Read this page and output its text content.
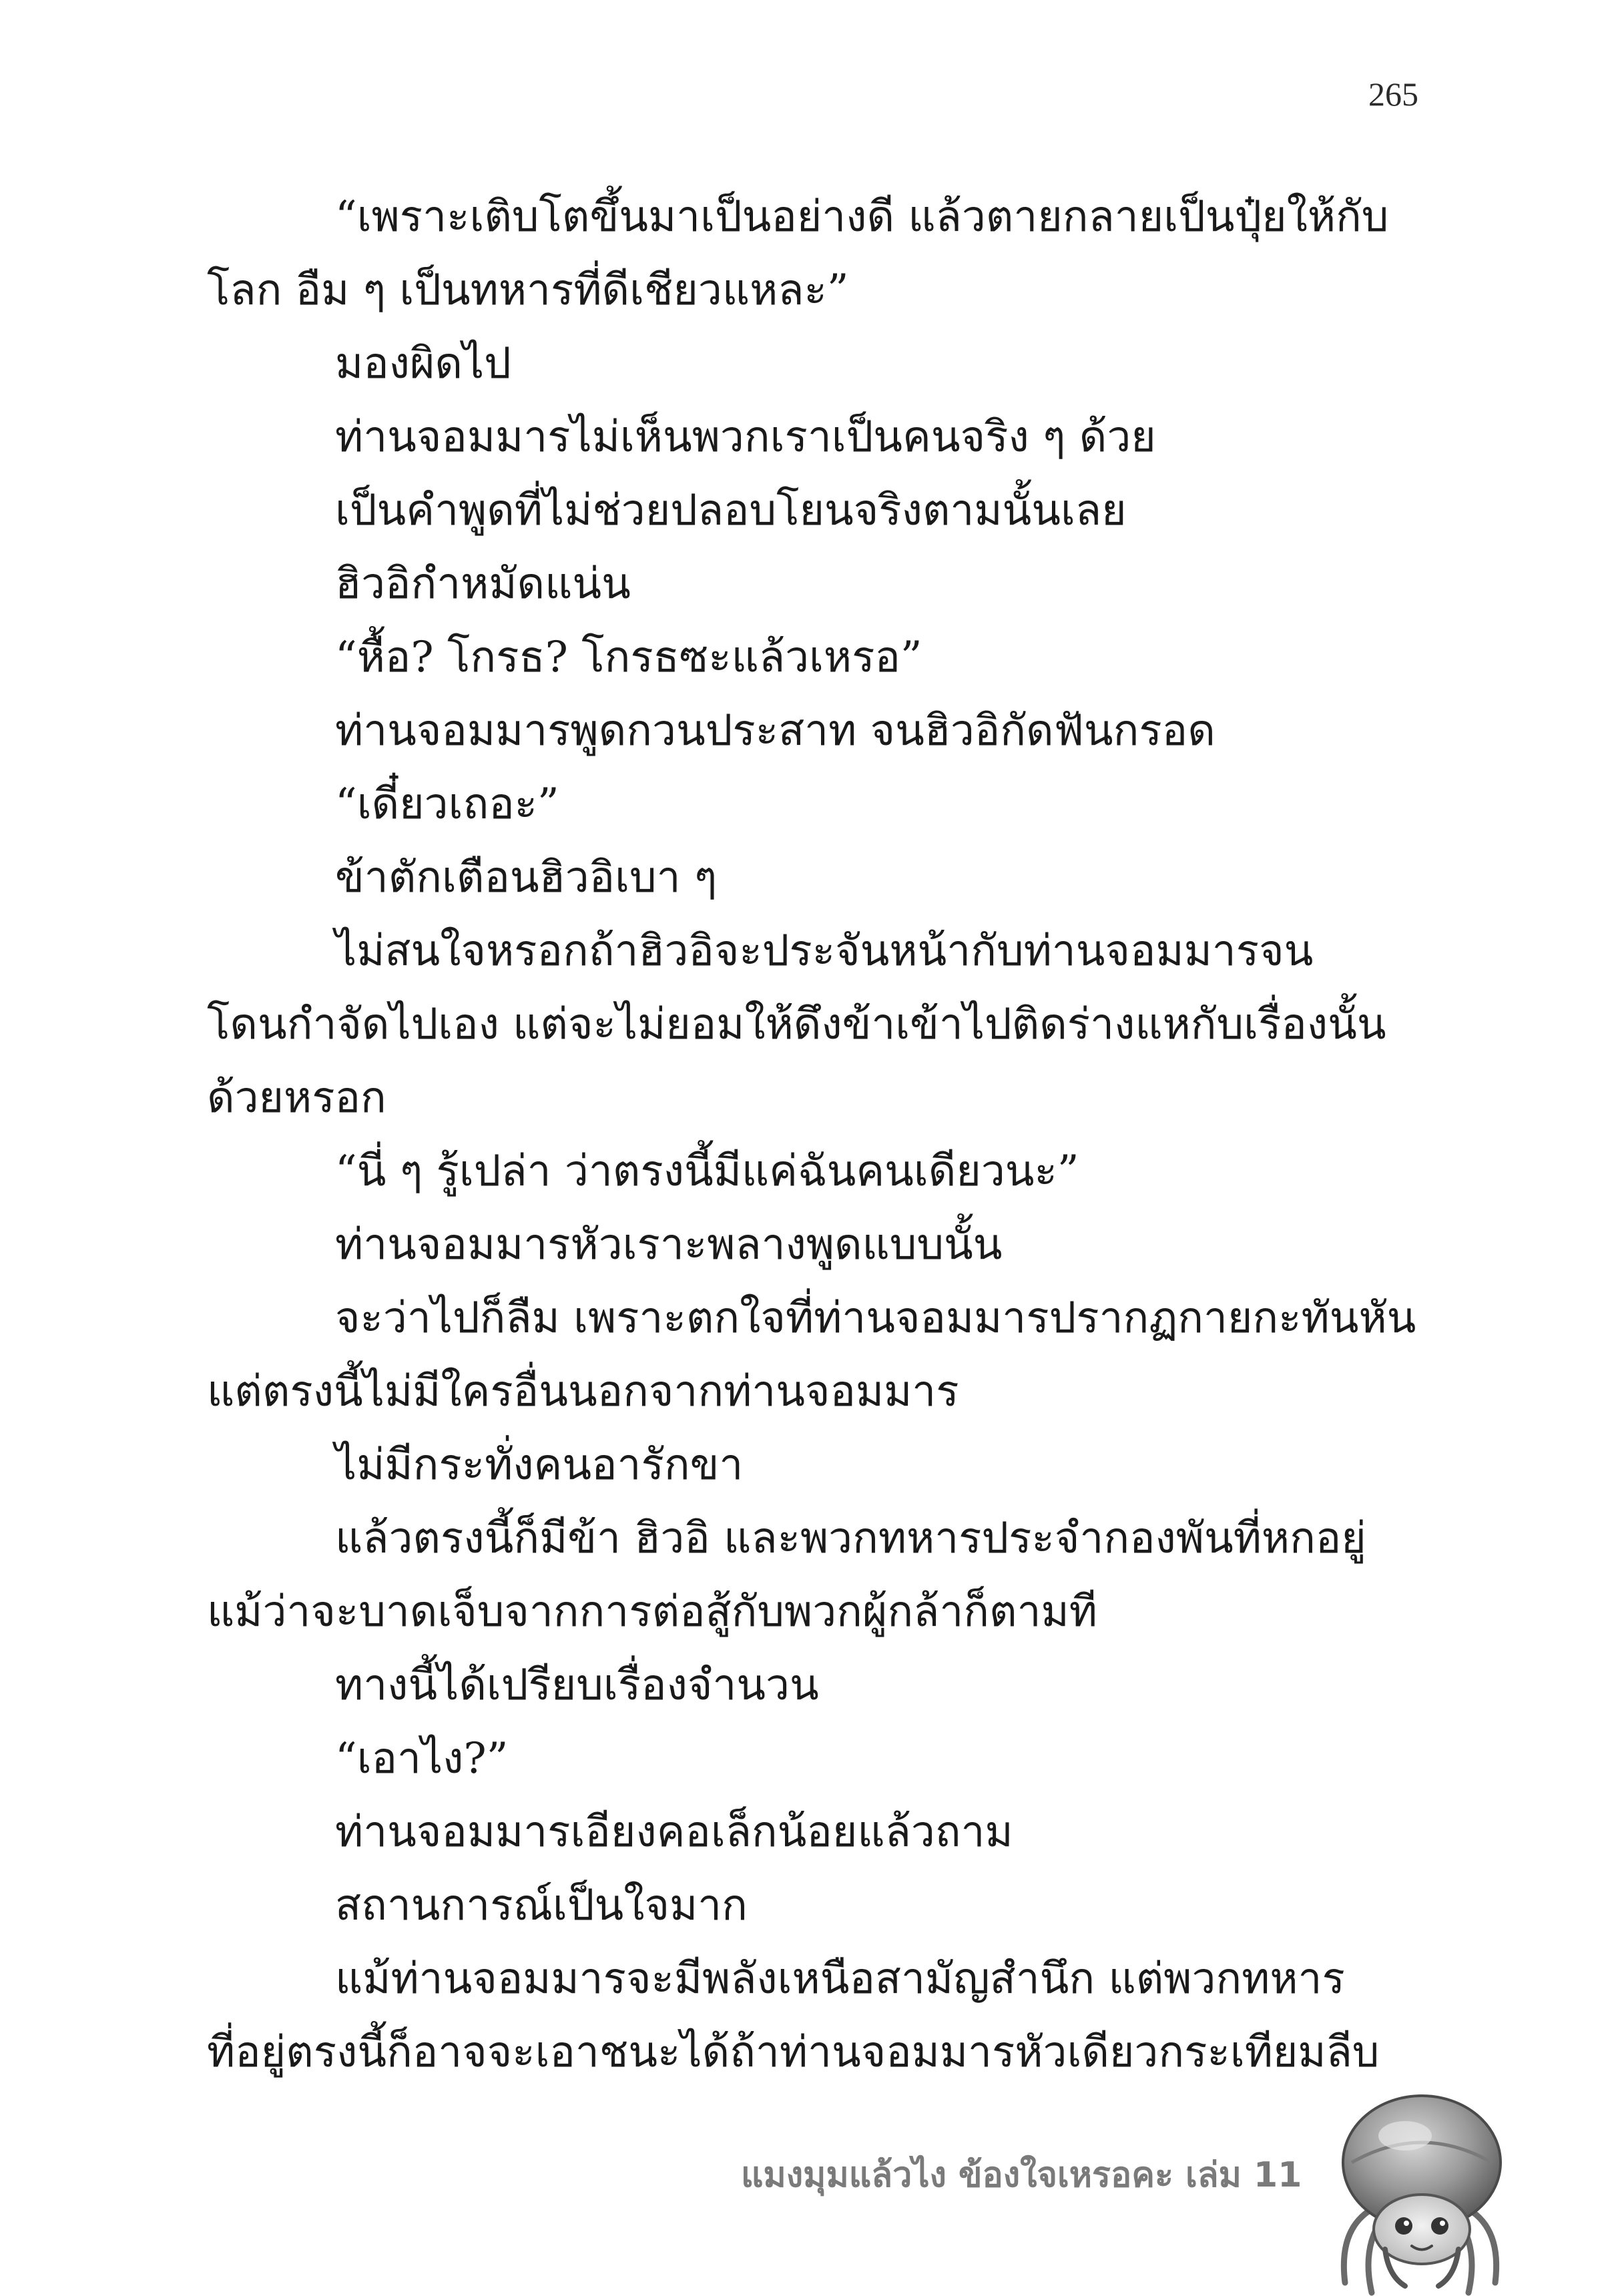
265
“เพราะเติบโตขึ้นมาเป็นอย่างดี แล้วตายกลายเป็นปุ๋ยให้กับ
โลก อืม ๆ เป็นทหารที่ดีเชียวแหละ”
มองผิดไป
ท่านจอมมารไม่เห็นพวกเราเป็นคนจริง ๆ ด้วย
เป็นคำพูดที่ไม่ช่วยปลอบโยนจริงตามนั้นเลย
ฮิวอิกำหมัดแน่น
“หื้อ? โกรธ? โกรธซะแล้วเหรอ”
ท่านจอมมารพูดกวนประสาท จนฮิวอิกัดฟันกรอด
“เดี๋ยวเถอะ”
ข้าตักเตือนฮิวอิเบา ๆ
ไม่สนใจหรอกถ้าฮิวอิจะประจันหน้ากับท่านจอมมารจน
โดนกำจัดไปเอง แต่จะไม่ยอมให้ดึงข้าเข้าไปติดร่างแหกับเรื่องนั้น
ด้วยหรอก
“นี่ ๆ รู้เปล่า ว่าตรงนี้มีแค่ฉันคนเดียวนะ”
ท่านจอมมารหัวเราะพลางพูดแบบนั้น
จะว่าไปก็ลืม เพราะตกใจที่ท่านจอมมารปรากฏกายกะทันหัน
แต่ตรงนี้ไม่มีใครอื่นนอกจากท่านจอมมาร
ไม่มีกระทั่งคนอารักขา
แล้วตรงนี้ก็มีข้า ฮิวอิ และพวกทหารประจำกองพันที่หกอยู่
แม้ว่าจะบาดเจ็บจากการต่อสู้กับพวกผู้กล้าก็ตามที
ทางนี้ได้เปรียบเรื่องจำนวน
“เอาไง?”
ท่านจอมมารเอียงคอเล็กน้อยแล้วถาม
สถานการณ์เป็นใจมาก
แม้ท่านจอมมารจะมีพลังเหนือสามัญสำนึก แต่พวกทหาร
ที่อยู่ตรงนี้ก็อาจจะเอาชนะได้ถ้าท่านจอมมารหัวเดียวกระเทียมลีบ
แมงมุมแล้วไง ข้องใจเหรอคะ เล่ม 11
